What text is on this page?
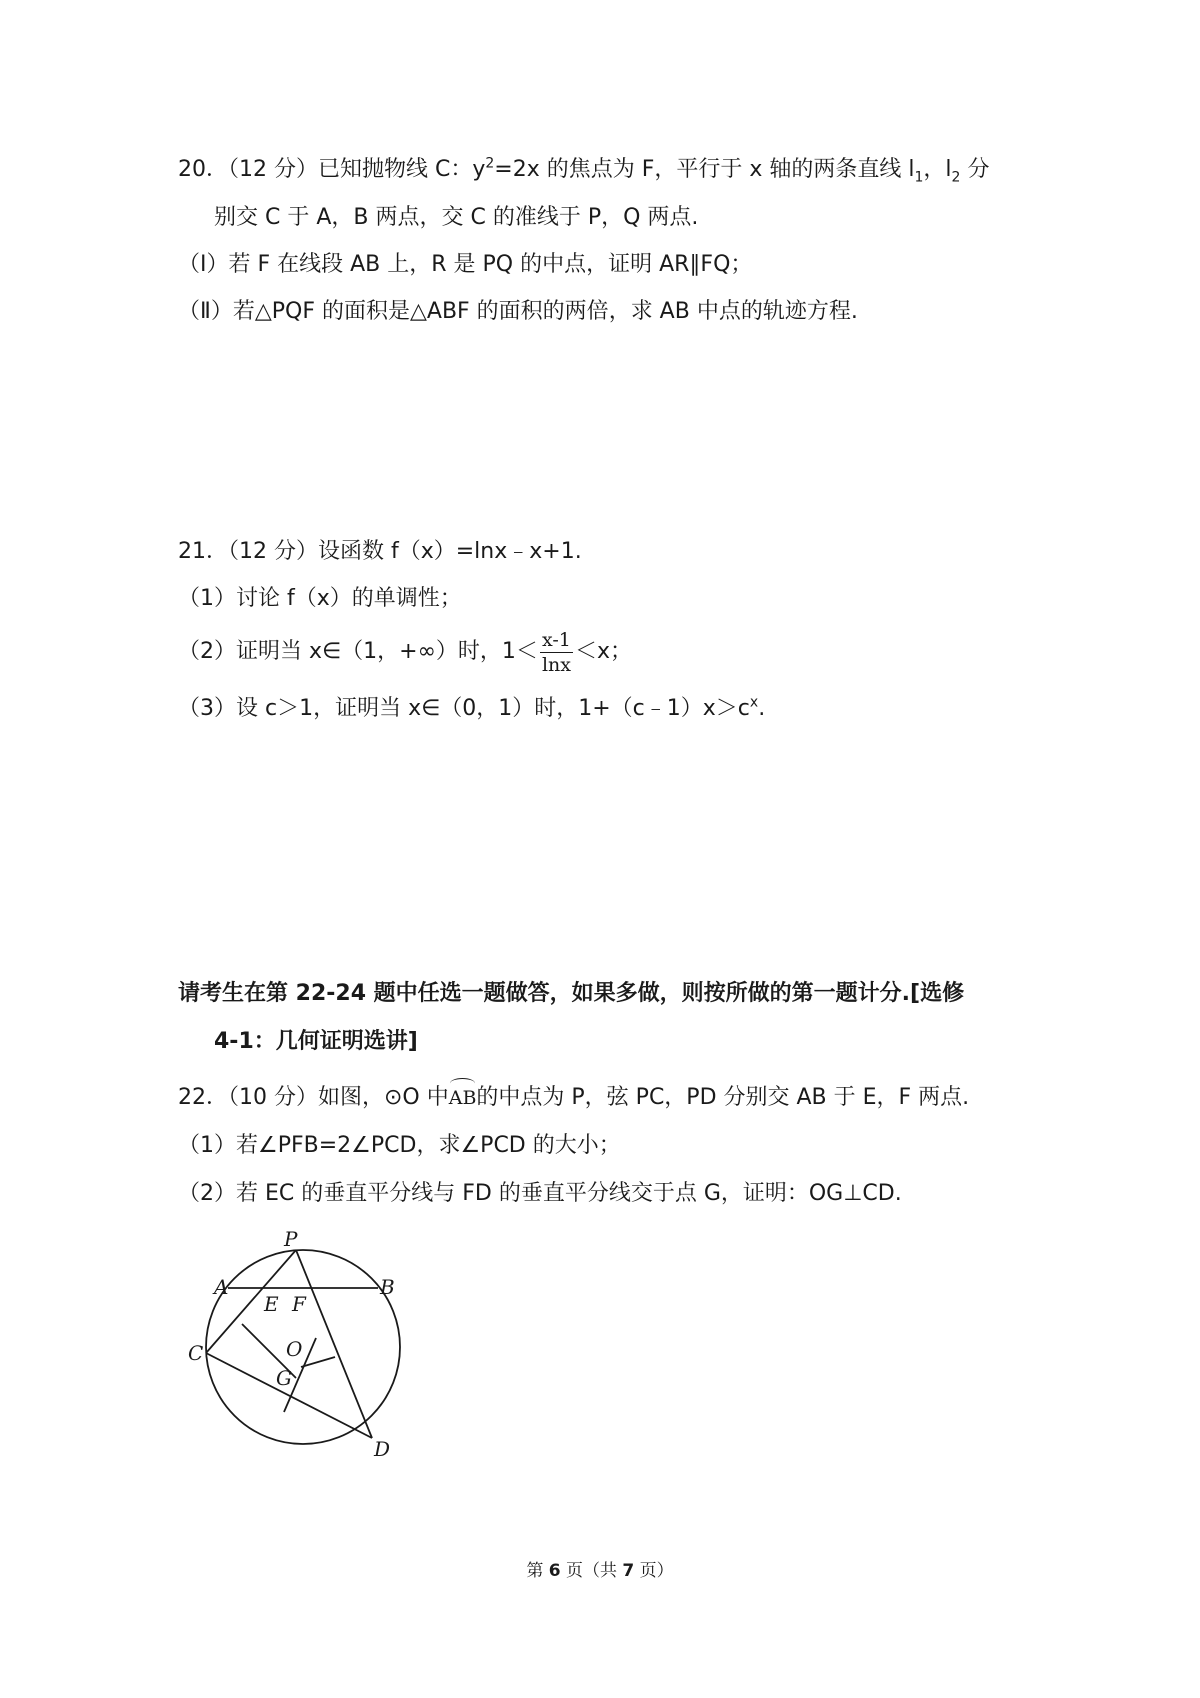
20．（12 分）已知抛物线 C：$y^2=2x$ 的焦点为 F，平行于 x 轴的两条直线 $l_1$，$l_2$ 分
别交 C 于 A，B 两点，交 C 的准线于 P，Q 两点.
（Ⅰ）若 F 在线段 AB 上，R 是 PQ 的中点，证明 AR∥FQ；
（Ⅱ）若△PQF 的面积是△ABF 的面积的两倍，求 AB 中点的轨迹方程.
21．（12 分）设函数 f（x）=lnx﹣x+1.
（1）讨论 f（x）的单调性；
（2）证明当 x∈（1，+∞）时，$1< \frac{x-1}{\ln x} <x$；
（3）设 c＞1，证明当 x∈（0，1）时，$1+(c﹣1)x>c^x$.
请考生在第 22-24 题中任选一题做答，如果多做，则按所做的第一题计分.[选修
4-1：几何证明选讲]
22．（10 分）如图，⊙O 中AB的中点为 P，弦 PC，PD 分别交 AB 于 E，F 两点.
（1）若∠PFB=2∠PCD，求∠PCD 的大小；
（2）若 EC 的垂直平分线与 FD 的垂直平分线交于点 G，证明：OG⊥CD.
P
A	B
E F
C	O
G
D
第 6 页（共 7 页）
